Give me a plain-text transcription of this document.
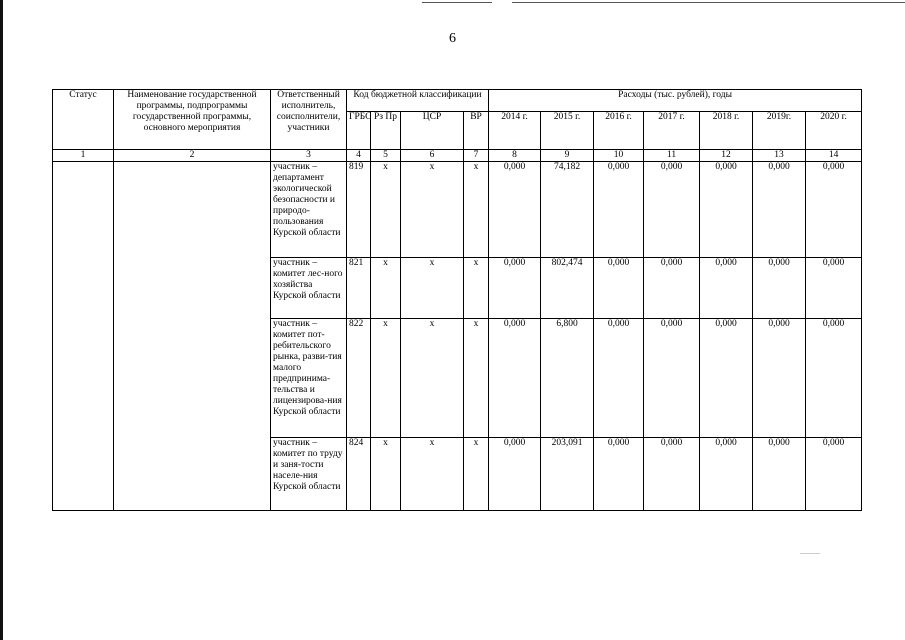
6
Статус	Наименование государственной программы, подпрограммы государственной программы, основного мероприятия	Ответственный исполнитель, соисполнители, участники	Код бюджетной классификации				Расходы (тыс. рублей), годы						
			ГРБС	Рз Пр	ЦСР	ВР	2014 г.	2015 г.	2016 г.	2017 г.	2018 г.	2019г.	2020 г.
1	2	3	4	5	6	7	8	9	10	11	12	13	14
		участник – департамент экологической безопасности и природо-пользования Курской области	819	х	х	х	0,000	74,182	0,000	0,000	0,000	0,000	0,000
		участник – комитет лес-ного хозяйства Курской области	821	х	х	х	0,000	802,474	0,000	0,000	0,000	0,000	0,000
		участник – комитет пот-ребительского рынка, разви-тия малого предпринима-тельства и лицензирова-ния Курской области	822	х	х	х	0,000	6,800	0,000	0,000	0,000	0,000	0,000
		участник – комитет по труду и заня-тости населе-ния Курской области	824	х	х	х	0,000	203,091	0,000	0,000	0,000	0,000	0,000
